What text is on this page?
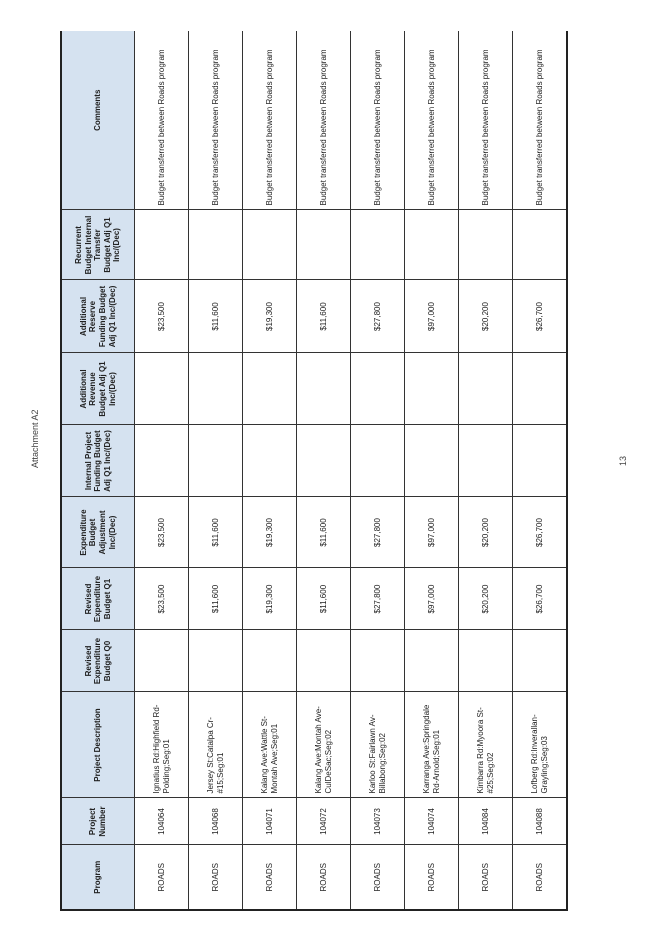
Attachment A2
Program	Project Number	Project Description	Revised Expenditure Budget Q0	Revised Expenditure Budget Q1	Expenditure Budget Adjustment Inc/(Dec)	Internal Project Funding Budget Adj Q1 Inc/(Dec)	Additional Revenue Budget Adj Q1 Inc/(Dec)	Additional Reserve Funding Budget Adj Q1 Inc/(Dec)	Recurrent Budget Internal Transfer Budget Adj Q1 Inc/(Dec)	Comments
ROADS	104064	Ignatius Rd:Highfield Rd-Polding;Seg:01		$23,500	$23,500			$23,500		Budget transferred between Roads program
ROADS	104068	Jersey St:Catalpa Cr-#15;Seg:01		$11,600	$11,600			$11,600		Budget transferred between Roads program
ROADS	104071	Kalang Ave:Wattle St-Montah Ave;Seg:01		$19,300	$19,300			$19,300		Budget transferred between Roads program
ROADS	104072	Kalang Ave:Montah Ave-CulDeSac;Seg:02		$11,600	$11,600			$11,600		Budget transferred between Roads program
ROADS	104073	Karloo St:Fairlawn Av-Billabong;Seg:02		$27,800	$27,800			$27,800		Budget transferred between Roads program
ROADS	104074	Karranga Ave:Springdale Rd-Arnold;Seg:01		$97,000	$97,000			$97,000		Budget transferred between Roads program
ROADS	104084	Kimbarra Rd:Myoora St-#25;Seg:02		$20,200	$20,200			$20,200		Budget transferred between Roads program
ROADS	104088	Lofberg Rd:Inverallan-Grayling;Seg:03		$26,700	$26,700			$26,700		Budget transferred between Roads program
13
